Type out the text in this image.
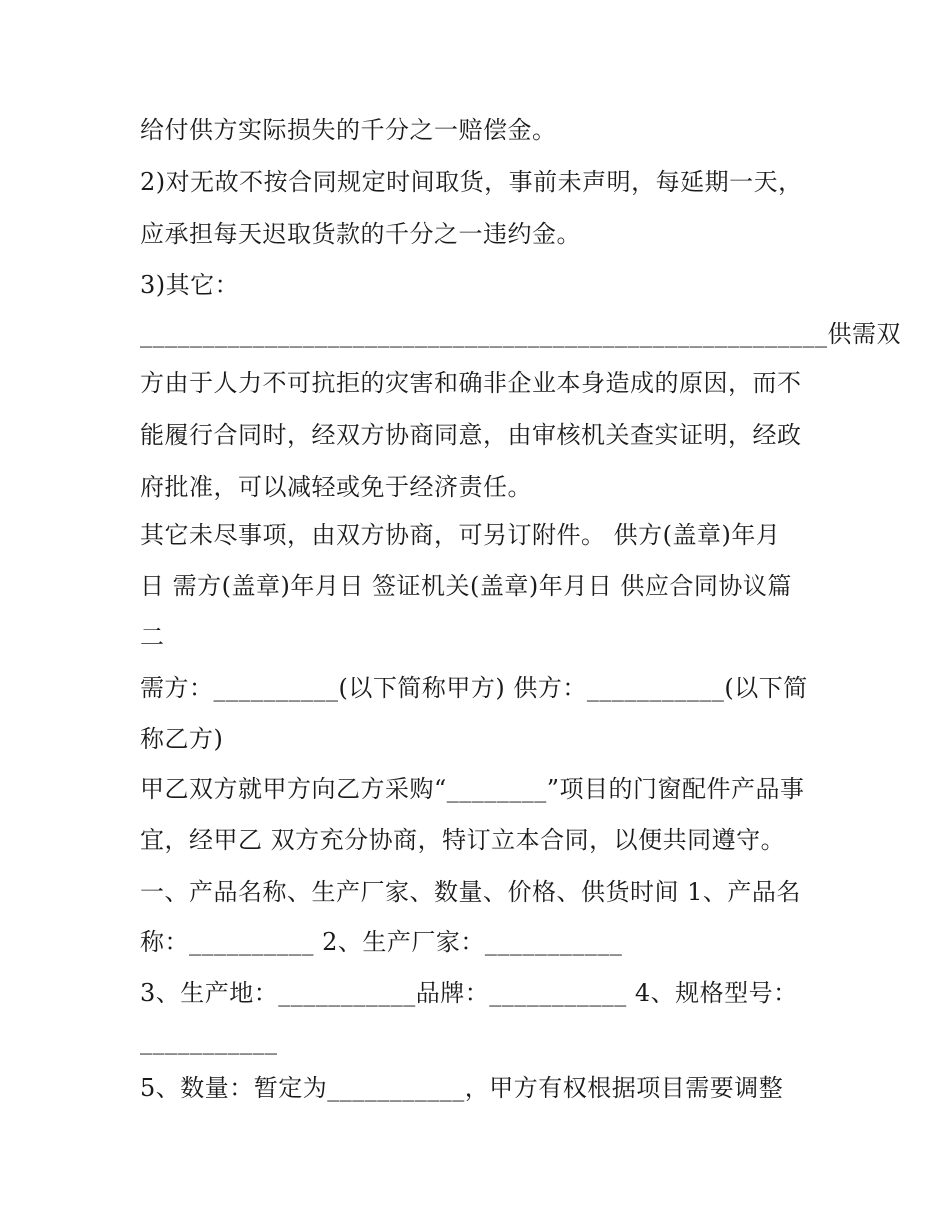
给付供方实际损失的千分之一赔偿金。
2)对无故不按合同规定时间取货，事前未声明，每延期一天，
应承担每天迟取货款的千分之一违约金。
3)其它：
_______________________________________________________供需双
方由于人力不可抗拒的灾害和确非企业本身造成的原因，而不
能履行合同时，经双方协商同意，由审核机关查实证明，经政
府批准，可以减轻或免于经济责任。
其它未尽事项，由双方协商，可另订附件。 供方(盖章)年月
日 需方(盖章)年月日 签证机关(盖章)年月日 供应合同协议篇
二
需方：__________(以下简称甲方) 供方：___________(以下简
称乙方)
甲乙双方就甲方向乙方采购“________”项目的门窗配件产品事
宜，经甲乙 双方充分协商，特订立本合同，以便共同遵守。
一、产品名称、生产厂家、数量、价格、供货时间 1、产品名
称：__________ 2、生产厂家：___________
3、生产地：___________品牌：___________ 4、规格型号：
___________
5、数量：暂定为___________，甲方有权根据项目需要调整
